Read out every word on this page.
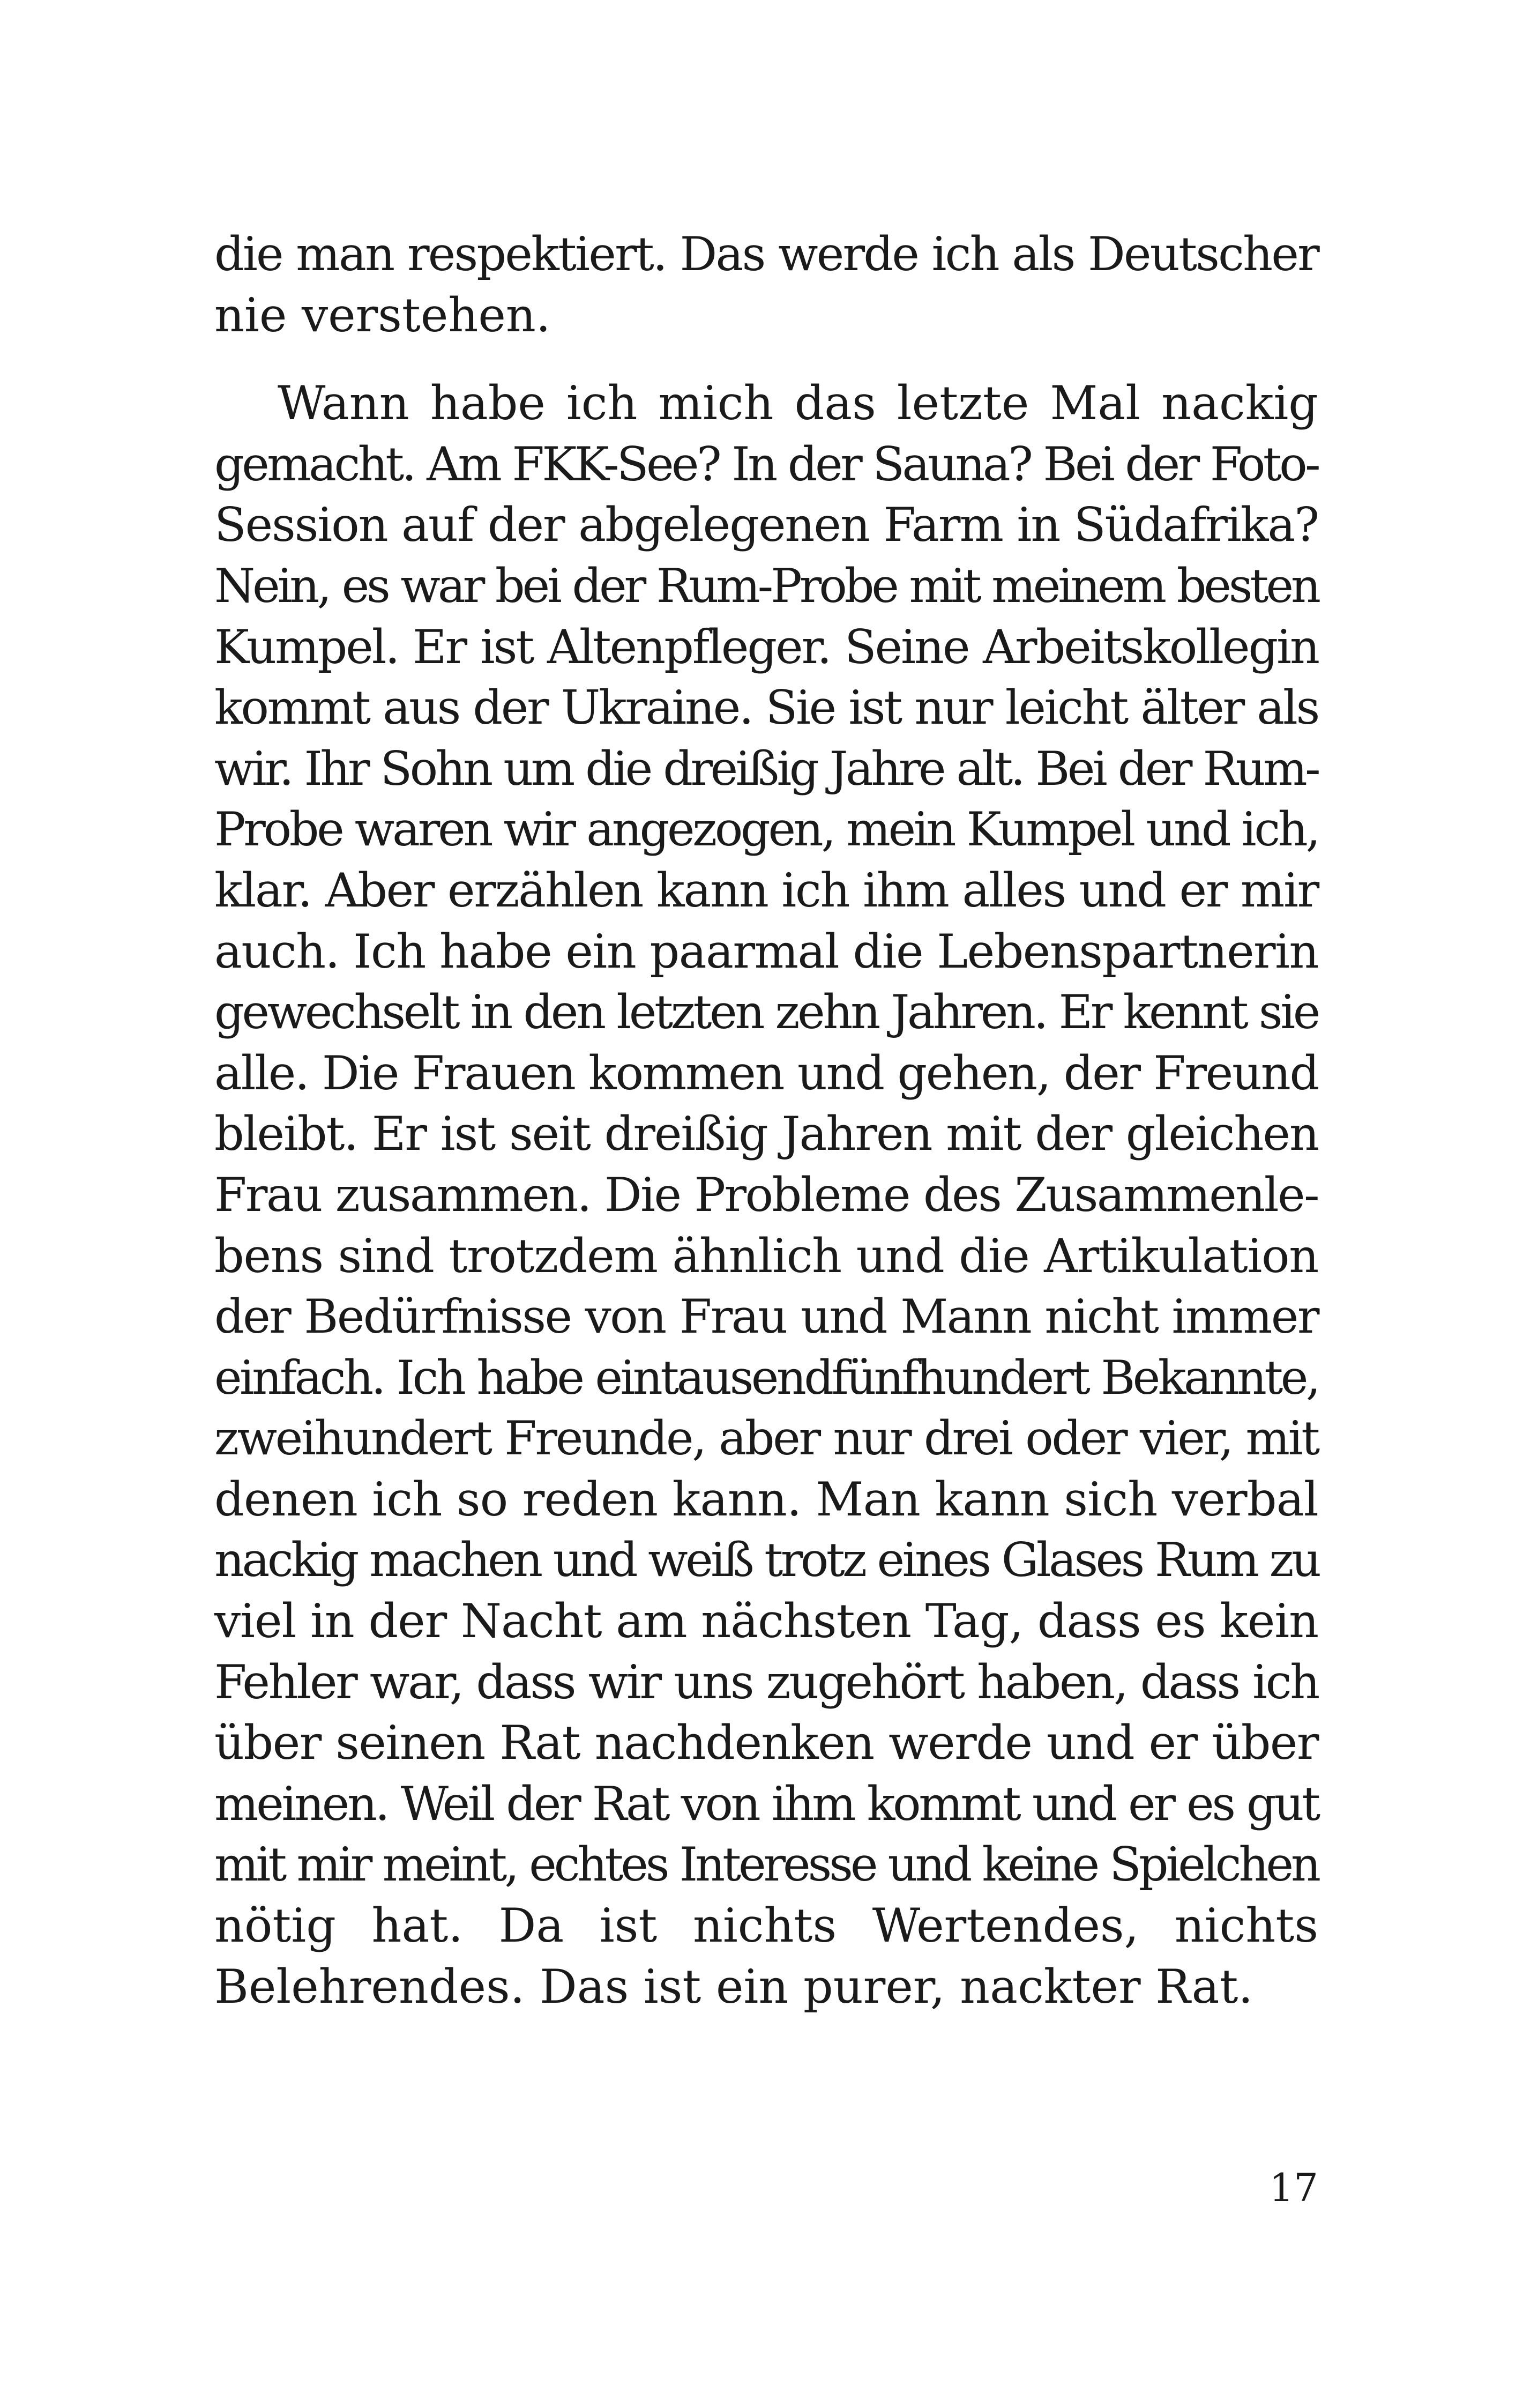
die man respektiert. Das werde ich als Deutscher
nie verstehen.
Wann habe ich mich das letzte Mal nackig
gemacht. Am FKK-See? In der Sauna? Bei der Foto-
Session auf der abgelegenen Farm in Südafrika?
Nein, es war bei der Rum-Probe mit meinem besten
Kumpel. Er ist Altenpfleger. Seine Arbeitskollegin
kommt aus der Ukraine. Sie ist nur leicht älter als
wir. Ihr Sohn um die dreißig Jahre alt. Bei der Rum-
Probe waren wir angezogen, mein Kumpel und ich,
klar. Aber erzählen kann ich ihm alles und er mir
auch. Ich habe ein paarmal die Lebenspartnerin
gewechselt in den letzten zehn Jahren. Er kennt sie
alle. Die Frauen kommen und gehen, der Freund
bleibt. Er ist seit dreißig Jahren mit der gleichen
Frau zusammen. Die Probleme des Zusammenle-
bens sind trotzdem ähnlich und die Artikulation
der Bedürfnisse von Frau und Mann nicht immer
einfach. Ich habe eintausendfünfhundert Bekannte,
zweihundert Freunde, aber nur drei oder vier, mit
denen ich so reden kann. Man kann sich verbal
nackig machen und weiß trotz eines Glases Rum zu
viel in der Nacht am nächsten Tag, dass es kein
Fehler war, dass wir uns zugehört haben, dass ich
über seinen Rat nachdenken werde und er über
meinen. Weil der Rat von ihm kommt und er es gut
mit mir meint, echtes Interesse und keine Spielchen
nötig hat. Da ist nichts Wertendes, nichts
Belehrendes. Das ist ein purer, nackter Rat.
17
